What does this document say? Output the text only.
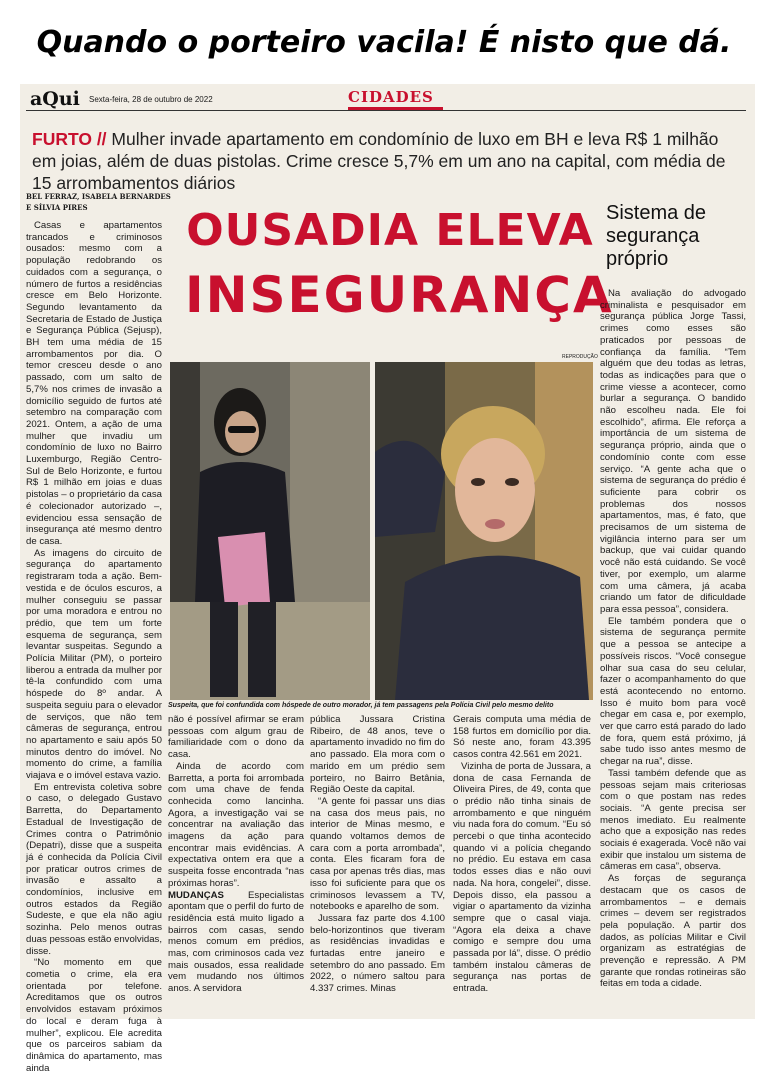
Quando o porteiro vacila! É nisto que dá.
aQui Sexta-feira, 28 de outubro de 2022	CIDADES
FURTO // Mulher invade apartamento em condomínio de luxo em BH e leva R$ 1 milhão em joias, além de duas pistolas. Crime cresce 5,7% em um ano na capital, com média de 15 arrombamentos diários
BEL FERRAZ, ISABELA BERNARDES E SÍLVIA PIRES	OUSADIA ELEVA
INSEGURANÇA
REPRODUÇÃO
Sistema de segurança próprio
Suspeita, que foi confundida com hóspede de outro morador, já tem passagens pela Polícia Civil pelo mesmo delito

Casas e apartamentos trancados e criminosos ousados: mesmo com a população redobrando os cuidados com a segurança, o número de furtos a residências cresce em Belo Horizonte. Segundo levantamento da Secretaria de Estado de Justiça e Segurança Pública (Sejusp), BH tem uma média de 15 arrombamentos por dia. O temor cresceu desde o ano passado, com um salto de 5,7% nos crimes de invasão a domicílio seguido de furtos até setembro na comparação com 2021. Ontem, a ação de uma mulher que invadiu um condomínio de luxo no Bairro Luxemburgo, Região Centro-Sul de Belo Horizonte, e furtou R$ 1 milhão em joias e duas pistolas – o proprietário da casa é colecionador autorizado –, evidenciou essa sensação de insegurança até mesmo dentro de casa.

As imagens do circuito de segurança do apartamento registraram toda a ação. Bem-vestida e de óculos escuros, a mulher conseguiu se passar por uma moradora e entrou no prédio, que tem um forte esquema de segurança, sem levantar suspeitas. Segundo a Polícia Militar (PM), o porteiro liberou a entrada da mulher por tê-la confundido com uma hóspede do 8º andar. A suspeita seguiu para o elevador de serviços, que não tem câmeras de segurança, entrou no apartamento e saiu após 50 minutos dentro do imóvel. No momento do crime, a família viajava e o imóvel estava vazio.

Em entrevista coletiva sobre o caso, o delegado Gustavo Barretta, do Departamento Estadual de Investigação de Crimes contra o Patrimônio (Depatri), disse que a suspeita já é conhecida da Polícia Civil por praticar outros crimes de invasão e assalto a condomínios, inclusive em outros estados da Região Sudeste, e que ela não agiu sozinha. Pelo menos outras duas pessoas estão envolvidas, disse.

“No momento em que cometia o crime, ela era orientada por telefone. Acreditamos que os outros envolvidos estavam próximos do local e deram fuga à mulher”, explicou. Ele acredita que os parceiros sabiam da dinâmica do apartamento, mas ainda

não é possível afirmar se eram pessoas com algum grau de familiaridade com o dono da casa.

Ainda de acordo com Barretta, a porta foi arrombada com uma chave de fenda conhecida como lancinha. Agora, a investigação vai se concentrar na avaliação das imagens da ação para encontrar mais evidências. A expectativa ontem era que a suspeita fosse encontrada “nas próximas horas”.

MUDANÇAS Especialistas apontam que o perfil do furto de residência está muito ligado a bairros com casas, sendo menos comum em prédios, mas, com criminosos cada vez mais ousados, essa realidade vem mudando nos últimos anos. A servidora

pública Jussara Cristina Ribeiro, de 48 anos, teve o apartamento invadido no fim do ano passado. Ela mora com o marido em um prédio sem porteiro, no Bairro Betânia, Região Oeste da capital.

“A gente foi passar uns dias na casa dos meus pais, no interior de Minas mesmo, e quando voltamos demos de cara com a porta arrombada”, conta. Eles ficaram fora de casa por apenas três dias, mas isso foi suficiente para que os criminosos levassem a TV, notebooks e aparelho de som.

Jussara faz parte dos 4.100 belo-horizontinos que tiveram as residências invadidas e furtadas entre janeiro e setembro do ano passado. Em 2022, o número saltou para 4.337 crimes. Minas

Gerais computa uma média de 158 furtos em domicílio por dia. Só neste ano, foram 43.395 casos contra 42.561 em 2021.

Vizinha de porta de Jussara, a dona de casa Fernanda de Oliveira Pires, de 49, conta que o prédio não tinha sinais de arrombamento e que ninguém viu nada fora do comum. “Eu só percebi o que tinha acontecido quando vi a polícia chegando no prédio. Eu estava em casa todos esses dias e não ouvi nada. Na hora, congelei”, disse. Depois disso, ela passou a vigiar o apartamento da vizinha sempre que o casal viaja. “Agora ela deixa a chave comigo e sempre dou uma passada por lá”, disse. O prédio também instalou câmeras de segurança nas portas de entrada.

Na avaliação do advogado criminalista e pesquisador em segurança pública Jorge Tassi, crimes como esses são praticados por pessoas de confiança da família. “Tem alguém que deu todas as letras, todas as indicações para que o crime viesse a acontecer, como burlar a segurança. O bandido não escolheu nada. Ele foi escolhido”, afirma. Ele reforça a importância de um sistema de segurança próprio, ainda que o condomínio conte com esse serviço. “A gente acha que o sistema de segurança do prédio é suficiente para cobrir os problemas dos nossos apartamentos, mas, é fato, que precisamos de um sistema de vigilância interno para ser um backup, que vai cuidar quando você não está cuidando. Se você tiver, por exemplo, um alarme com uma câmera, já acaba criando um fator de dificuldade para essa pessoa”, considera.

Ele também pondera que o sistema de segurança permite que a pessoa se antecipe a possíveis riscos. “Você consegue olhar sua casa do seu celular, fazer o acompanhamento do que está acontecendo no entorno. Isso é muito bom para você chegar em casa e, por exemplo, ver que carro está parado do lado de fora, quem está próximo, já sabe tudo isso antes mesmo de chegar na rua”, disse.

Tassi também defende que as pessoas sejam mais criteriosas com o que postam nas redes sociais. “A gente precisa ser menos imediato. Eu realmente acho que a exposição nas redes sociais é exagerada. Você não vai exibir que instalou um sistema de câmeras em casa”, observa.

As forças de segurança destacam que os casos de arrombamentos – e demais crimes – devem ser registrados pela população. A partir dos dados, as polícias Militar e Civil organizam as estratégias de prevenção e repressão. A PM garante que rondas rotineiras são feitas em toda a cidade.
